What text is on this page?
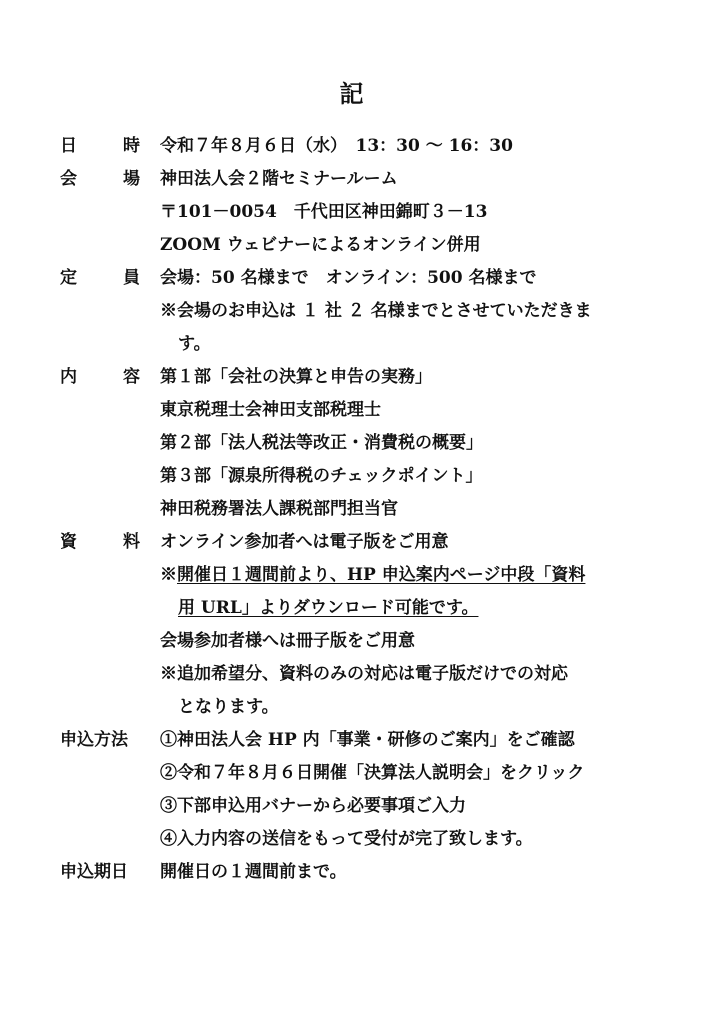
記
日	時 令和７年８月６日（水）　13：30 〜 16：30
会	場 神田法人会２階セミナールーム
〒101－0054　千代田区神田錦町３－13
ZOOM ウェビナーによるオンライン併用
定	員 会場：50 名様まで　オンライン：500 名様まで
※会場のお申込は １ 社 ２ 名様までとさせていただきま
す。
内	容 第１部「会社の決算と申告の実務」
東京税理士会神田支部税理士
第２部「法人税法等改正・消費税の概要」
第３部「源泉所得税のチェックポイント」
神田税務署法人課税部門担当官
資	料 オンライン参加者へは電子版をご用意
※開催日１週間前より、HP 申込案内ページ中段「資料
用 URL」よりダウンロード可能です。
会場参加者様へは冊子版をご用意
※追加希望分、資料のみの対応は電子版だけでの対応
となります。
申込方法	①神田法人会 HP 内「事業・研修のご案内」をご確認
②令和７年８月６日開催「決算法人説明会」をクリック
③下部申込用バナーから必要事項ご入力
④入力内容の送信をもって受付が完了致します。
申込期日	開催日の１週間前まで。
